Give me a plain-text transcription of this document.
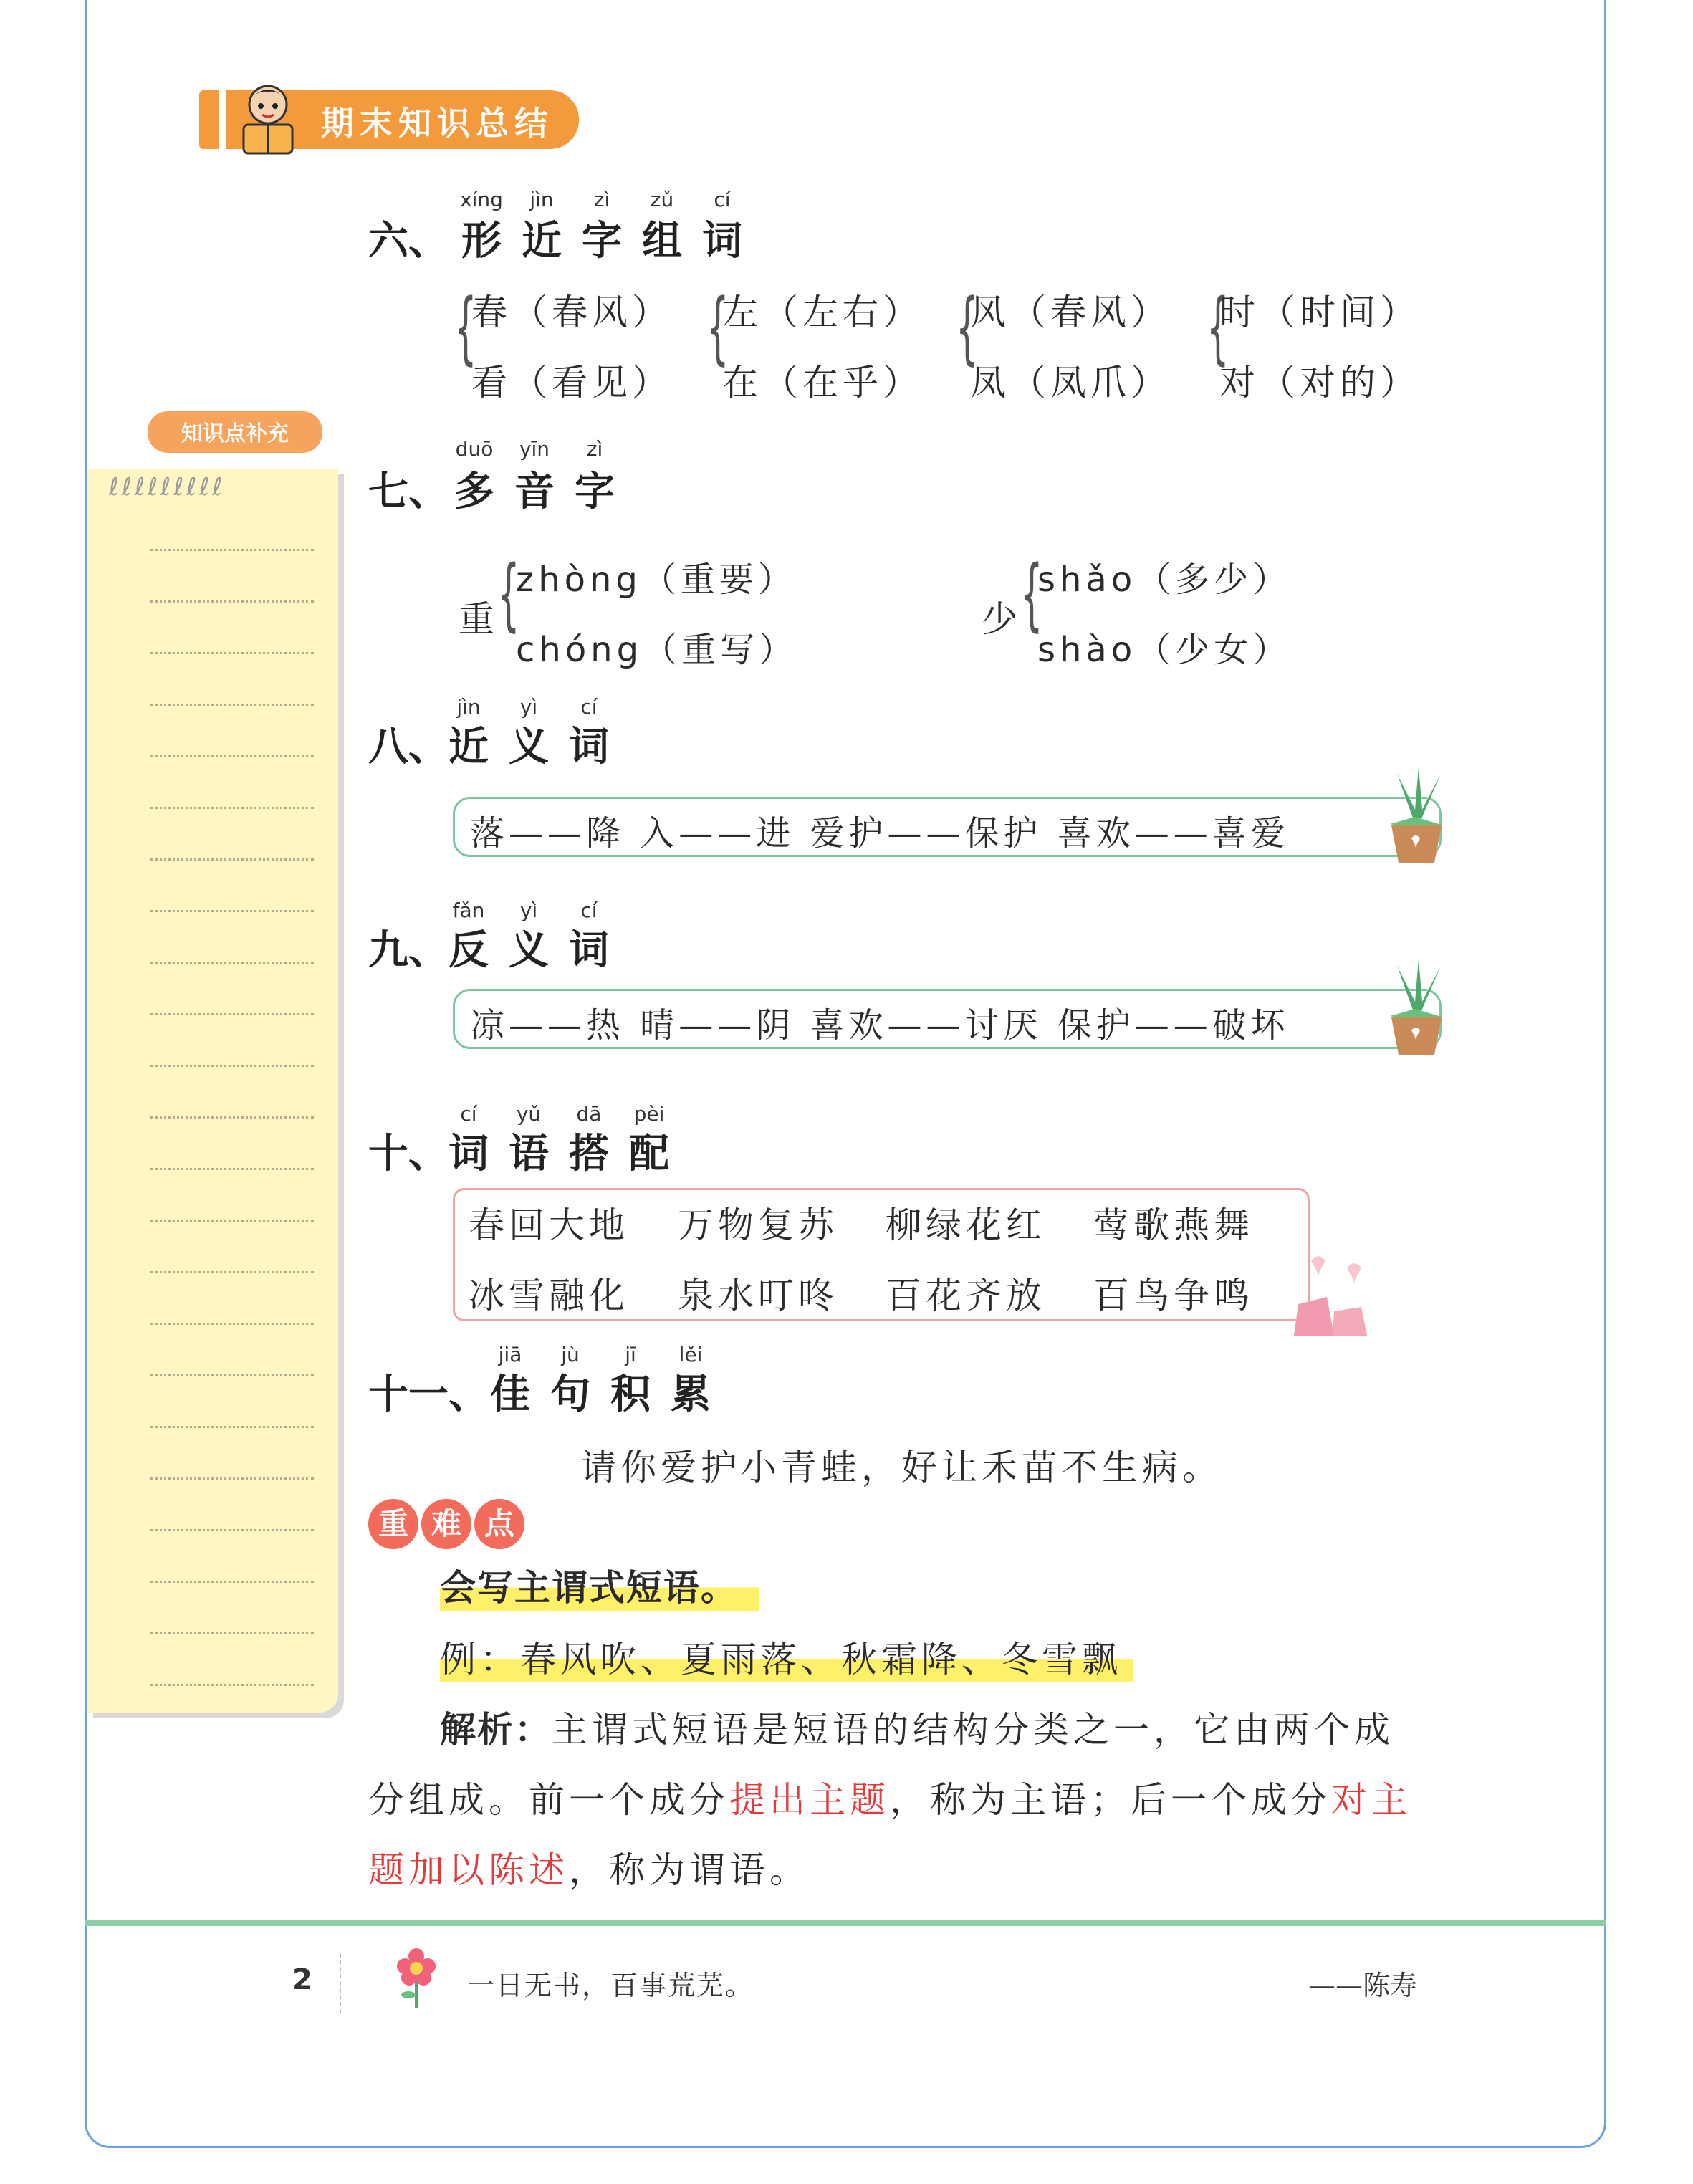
期末知识总结
知识点补充
ℓℓℓℓℓℓℓℓℓ
xíng	jìn	zì	zǔ	cí
六、 形 近 字 组 词
{
春（春风）
看（看见）
{
左（左右）
在（在乎）
{
风（春风）
凤（凤爪）
{
时（时间）
对（对的）
duō	yīn	zì
七、 多 音 字
重
{
zhòng（重要）
chóng（重写）
少
{
shǎo（多少）
shào（少女）
jìn	yì	cí
八、 近 义 词
落——降 入——进 爱护——保护 喜欢——喜爱
fǎn	yì	cí
九、 反 义 词
凉——热 晴——阴 喜欢——讨厌 保护——破坏
cí	yǔ	dā	pèi
十、 词 语 搭 配
春回大地 万物复苏 柳绿花红 莺歌燕舞
冰雪融化 泉水叮咚 百花齐放 百鸟争鸣
jiā	jù	jī	lěi
十一、 佳 句 积 累
请你爱护小青蛙，好让禾苗不生病。
重 难 点
会写主谓式短语。
例：春风吹、夏雨落、秋霜降、冬雪飘
解析：主谓式短语是短语的结构分类之一，它由两个成
分组成。前一个成分提出主题，称为主语；后一个成分对主
题加以陈述，称为谓语。
2	一日无书，百事荒芜。	——陈寿
